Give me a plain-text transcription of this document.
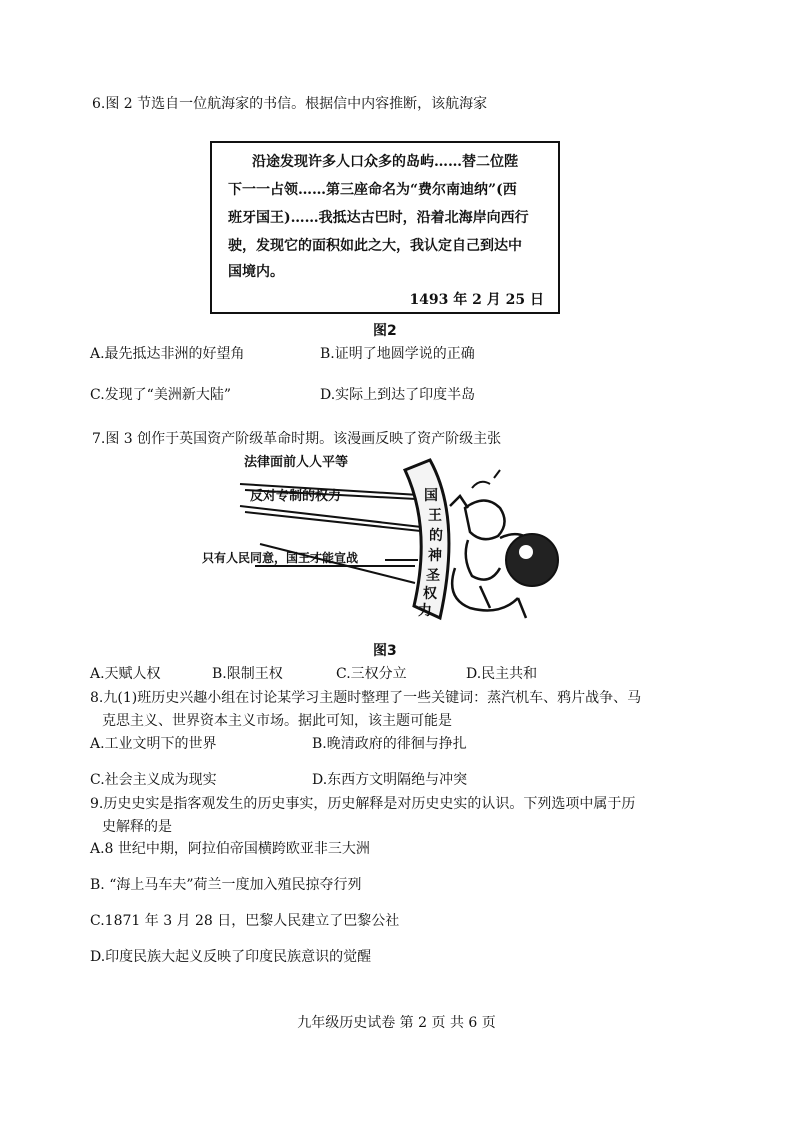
6.图 2 节选自一位航海家的书信。根据信中内容推断，该航海家
沿途发现许多人口众多的岛屿……替二位陛
下一一占领……第三座命名为“费尔南迪纳”(西
班牙国王)……我抵达古巴时，沿着北海岸向西行
驶，发现它的面积如此之大，我认定自己到达中
国境内。
1493 年 2 月 25 日
图2
A.最先抵达非洲的好望角	B.证明了地圆学说的正确
C.发现了“美洲新大陆”	D.实际上到达了印度半岛
7.图 3 创作于英国资产阶级革命时期。该漫画反映了资产阶级主张
法律面前人人平等
反对专制的权力
只有人民同意，国王才能宣战
国 王 的 神 圣 权 力
图3
A.天赋人权	B.限制王权	C.三权分立	D.民主共和
8.九(1)班历史兴趣小组在讨论某学习主题时整理了一些关键词：蒸汽机车、鸦片战争、马
克思主义、世界资本主义市场。据此可知，该主题可能是
A.工业文明下的世界	B.晚清政府的徘徊与挣扎
C.社会主义成为现实	D.东西方文明隔绝与冲突
9.历史史实是指客观发生的历史事实，历史解释是对历史史实的认识。下列选项中属于历
史解释的是
A.8 世纪中期，阿拉伯帝国横跨欧亚非三大洲
B. “海上马车夫”荷兰一度加入殖民掠夺行列
C.1871 年 3 月 28 日，巴黎人民建立了巴黎公社
D.印度民族大起义反映了印度民族意识的觉醒
九年级历史试卷 第 2 页 共 6 页
